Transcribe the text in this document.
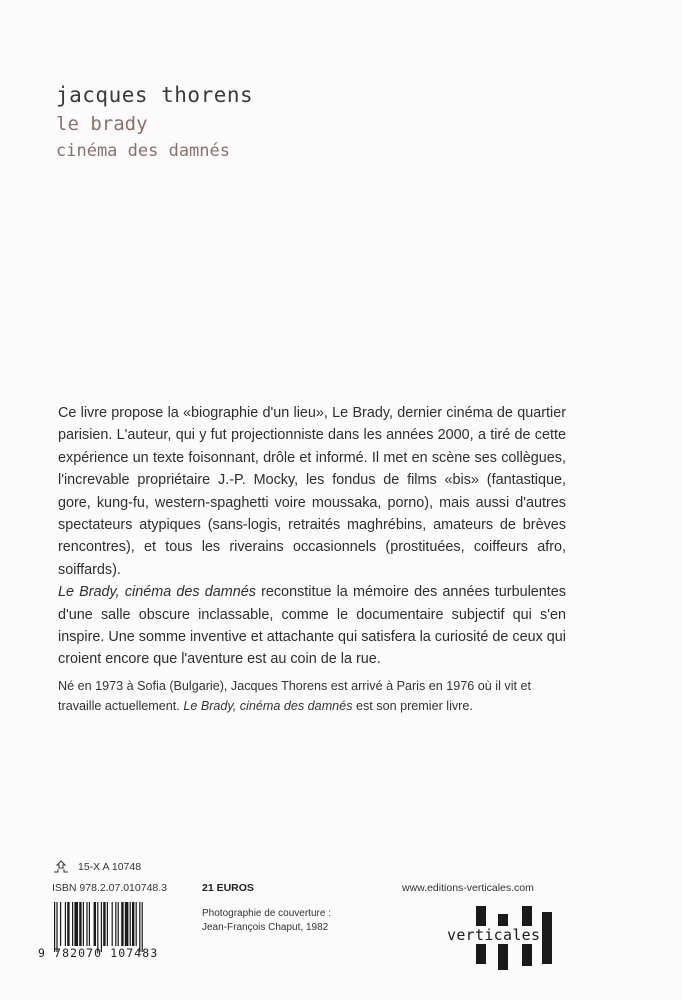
jacques thorens

le brady

cinéma des damnés

Ce livre propose la «biographie d'un lieu», Le Brady, dernier cinéma de quartier parisien. L'auteur, qui y fut projectionniste dans les années 2000, a tiré de cette expérience un texte foisonnant, drôle et informé. Il met en scène ses collègues, l'increvable propriétaire J.-P. Mocky, les fondus de films «bis» (fantastique, gore, kung-fu, western-spaghetti voire moussaka, porno), mais aussi d'autres spectateurs atypiques (sans-logis, retraités maghrébins, amateurs de brèves rencontres), et tous les riverains occasionnels (prostituées, coiffeurs afro, soiffards).

Le Brady, cinéma des damnés reconstitue la mémoire des années turbulentes d'une salle obscure inclassable, comme le documentaire subjectif qui s'en inspire. Une somme inventive et attachante qui satisfera la curiosité de ceux qui croient encore que l'aventure est au coin de la rue.

Né en 1973 à Sofia (Bulgarie), Jacques Thorens est arrivé à Paris en 1976 où il vit et travaille actuellement. Le Brady, cinéma des damnés est son premier livre.

15-X A 10748
ISBN 978.2.07.010748.3	21 EUROS
Photographie de couverture :
Jean-François Chaput, 1982
www.editions-verticales.com
9 782070 107483
verticales
